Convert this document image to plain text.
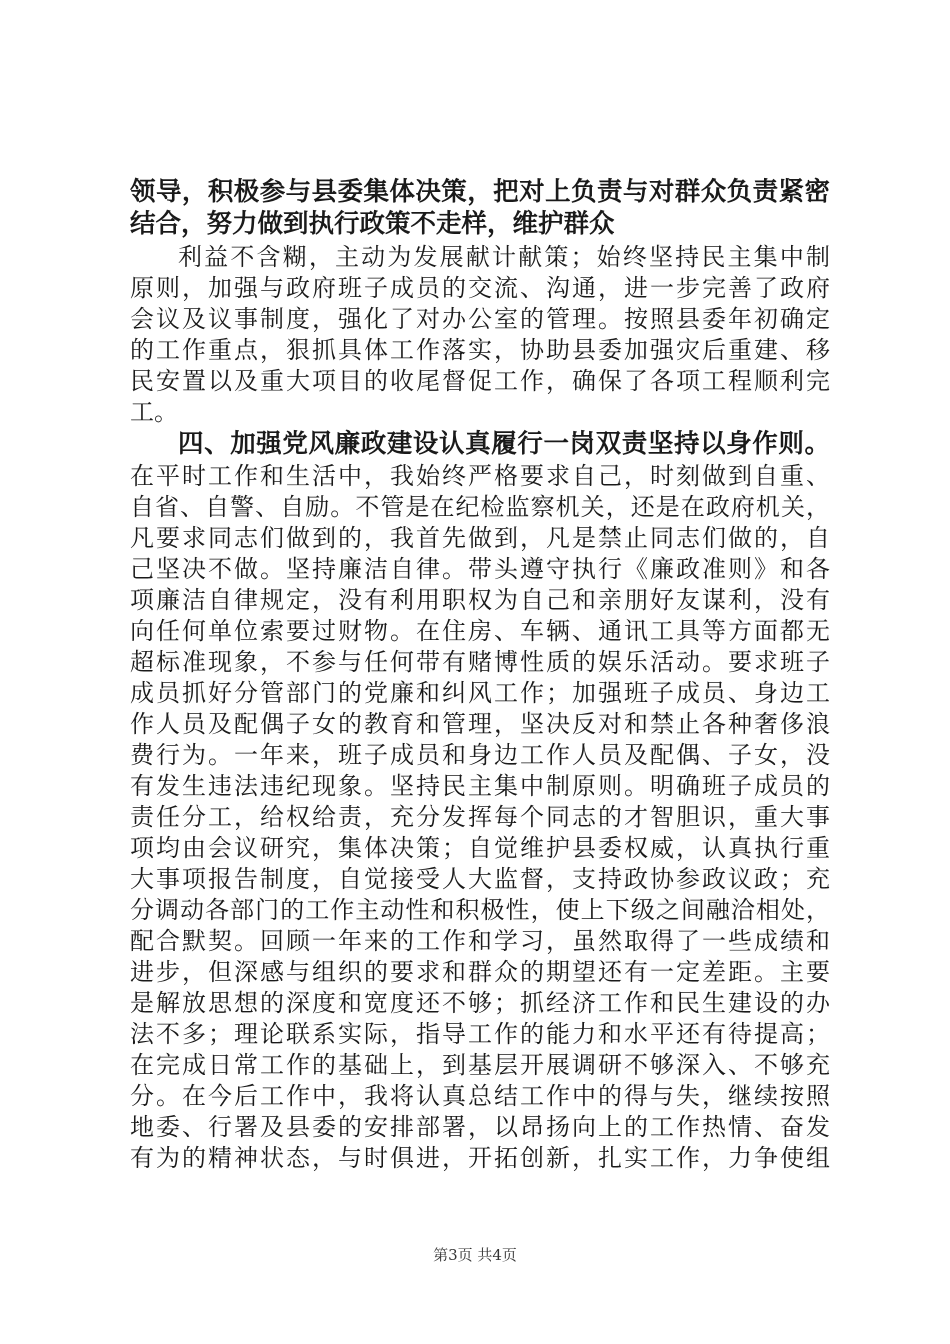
领导，积极参与县委集体决策，把对上负责与对群众负责紧密
结合，努力做到执行政策不走样，维护群众
利益不含糊，主动为发展献计献策；始终坚持民主集中制
原则，加强与政府班子成员的交流、沟通，进一步完善了政府
会议及议事制度，强化了对办公室的管理。按照县委年初确定
的工作重点，狠抓具体工作落实，协助县委加强灾后重建、移
民安置以及重大项目的收尾督促工作，确保了各项工程顺利完
工。
四、加强党风廉政建设认真履行一岗双责坚持以身作则。
在平时工作和生活中，我始终严格要求自己，时刻做到自重、
自省、自警、自励。不管是在纪检监察机关，还是在政府机关，
凡要求同志们做到的，我首先做到，凡是禁止同志们做的，自
己坚决不做。坚持廉洁自律。带头遵守执行《廉政准则》和各
项廉洁自律规定，没有利用职权为自己和亲朋好友谋利，没有
向任何单位索要过财物。在住房、车辆、通讯工具等方面都无
超标准现象，不参与任何带有赌博性质的娱乐活动。要求班子
成员抓好分管部门的党廉和纠风工作；加强班子成员、身边工
作人员及配偶子女的教育和管理，坚决反对和禁止各种奢侈浪
费行为。一年来，班子成员和身边工作人员及配偶、子女，没
有发生违法违纪现象。坚持民主集中制原则。明确班子成员的
责任分工，给权给责，充分发挥每个同志的才智胆识，重大事
项均由会议研究，集体决策；自觉维护县委权威，认真执行重
大事项报告制度，自觉接受人大监督，支持政协参政议政；充
分调动各部门的工作主动性和积极性，使上下级之间融洽相处，
配合默契。回顾一年来的工作和学习，虽然取得了一些成绩和
进步，但深感与组织的要求和群众的期望还有一定差距。主要
是解放思想的深度和宽度还不够；抓经济工作和民生建设的办
法不多；理论联系实际，指导工作的能力和水平还有待提高；
在完成日常工作的基础上，到基层开展调研不够深入、不够充
分。在今后工作中，我将认真总结工作中的得与失，继续按照
地委、行署及县委的安排部署，以昂扬向上的工作热情、奋发
有为的精神状态，与时俱进，开拓创新，扎实工作，力争使组
第3页 共4页
